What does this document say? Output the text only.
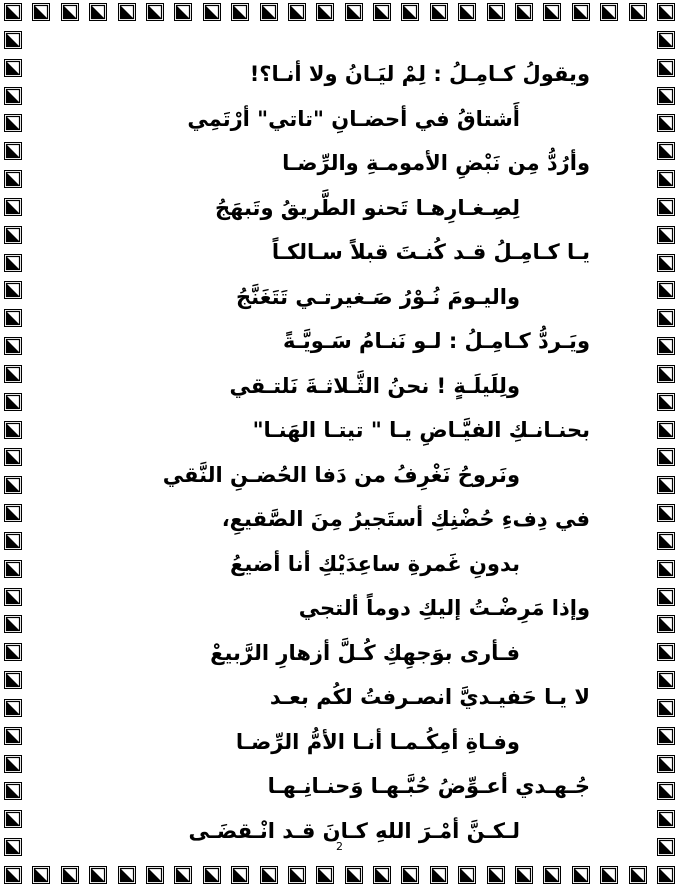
ويقولُ كـامِـلُ : لِمْ ليَـانُ ولا أنـا؟!
أَشتاقُ في أحضـانِ "تاتي" أرْتَمِي
وأرُدُّ مِن نَبْضِ الأمومـةِ والرِّضـا
لِصِـغـارِهـا تَحنو الطَّريقُ وتَبهَجُ
يـا كـامِـلُ قـد كُنـتَ قبلاً سـالكـاً
واليـومَ نُـوْرُ صَـغيرتـي تَتَغَنَّجُ
ويَـردُّ كـامِـلُ : لـو نَنـامُ سَـويَّـةً
ولِلَيلَـةٍ ! نحنُ الثَّـلاثـةَ نَلتـقي
بحنـانـكِ الفيَّـاضِ يـا " تيتـا الهَنـا"
ونَروحُ نَغْرِفُ من دَفا الحُضـنِ النَّقي
في دِفءِ حُضْنِكِ أستَجيرُ مِنَ الصَّقيعِ،
بدونِ غَمرةِ ساعِدَيْكِ أنا أضيعُ
وإذا مَرِضْـتُ إليكِ دوماً ألتجي
فـأرى بوَجهِكِ كُـلَّ أزهارِ الرَّبيعْ
لا يـا حَفيـديَّ انصـرفتُ لكُم بعـد
وفـاةِ أمِكُـمـا أنـا الأمُّ الرِّضـا
جُـهـدي أعـوِّضُ حُبَّـهـا وَحنـانِـهـا
لـكـنَّ أمْـرَ اللهِ كـانَ قـد انْـقضَـى
2
